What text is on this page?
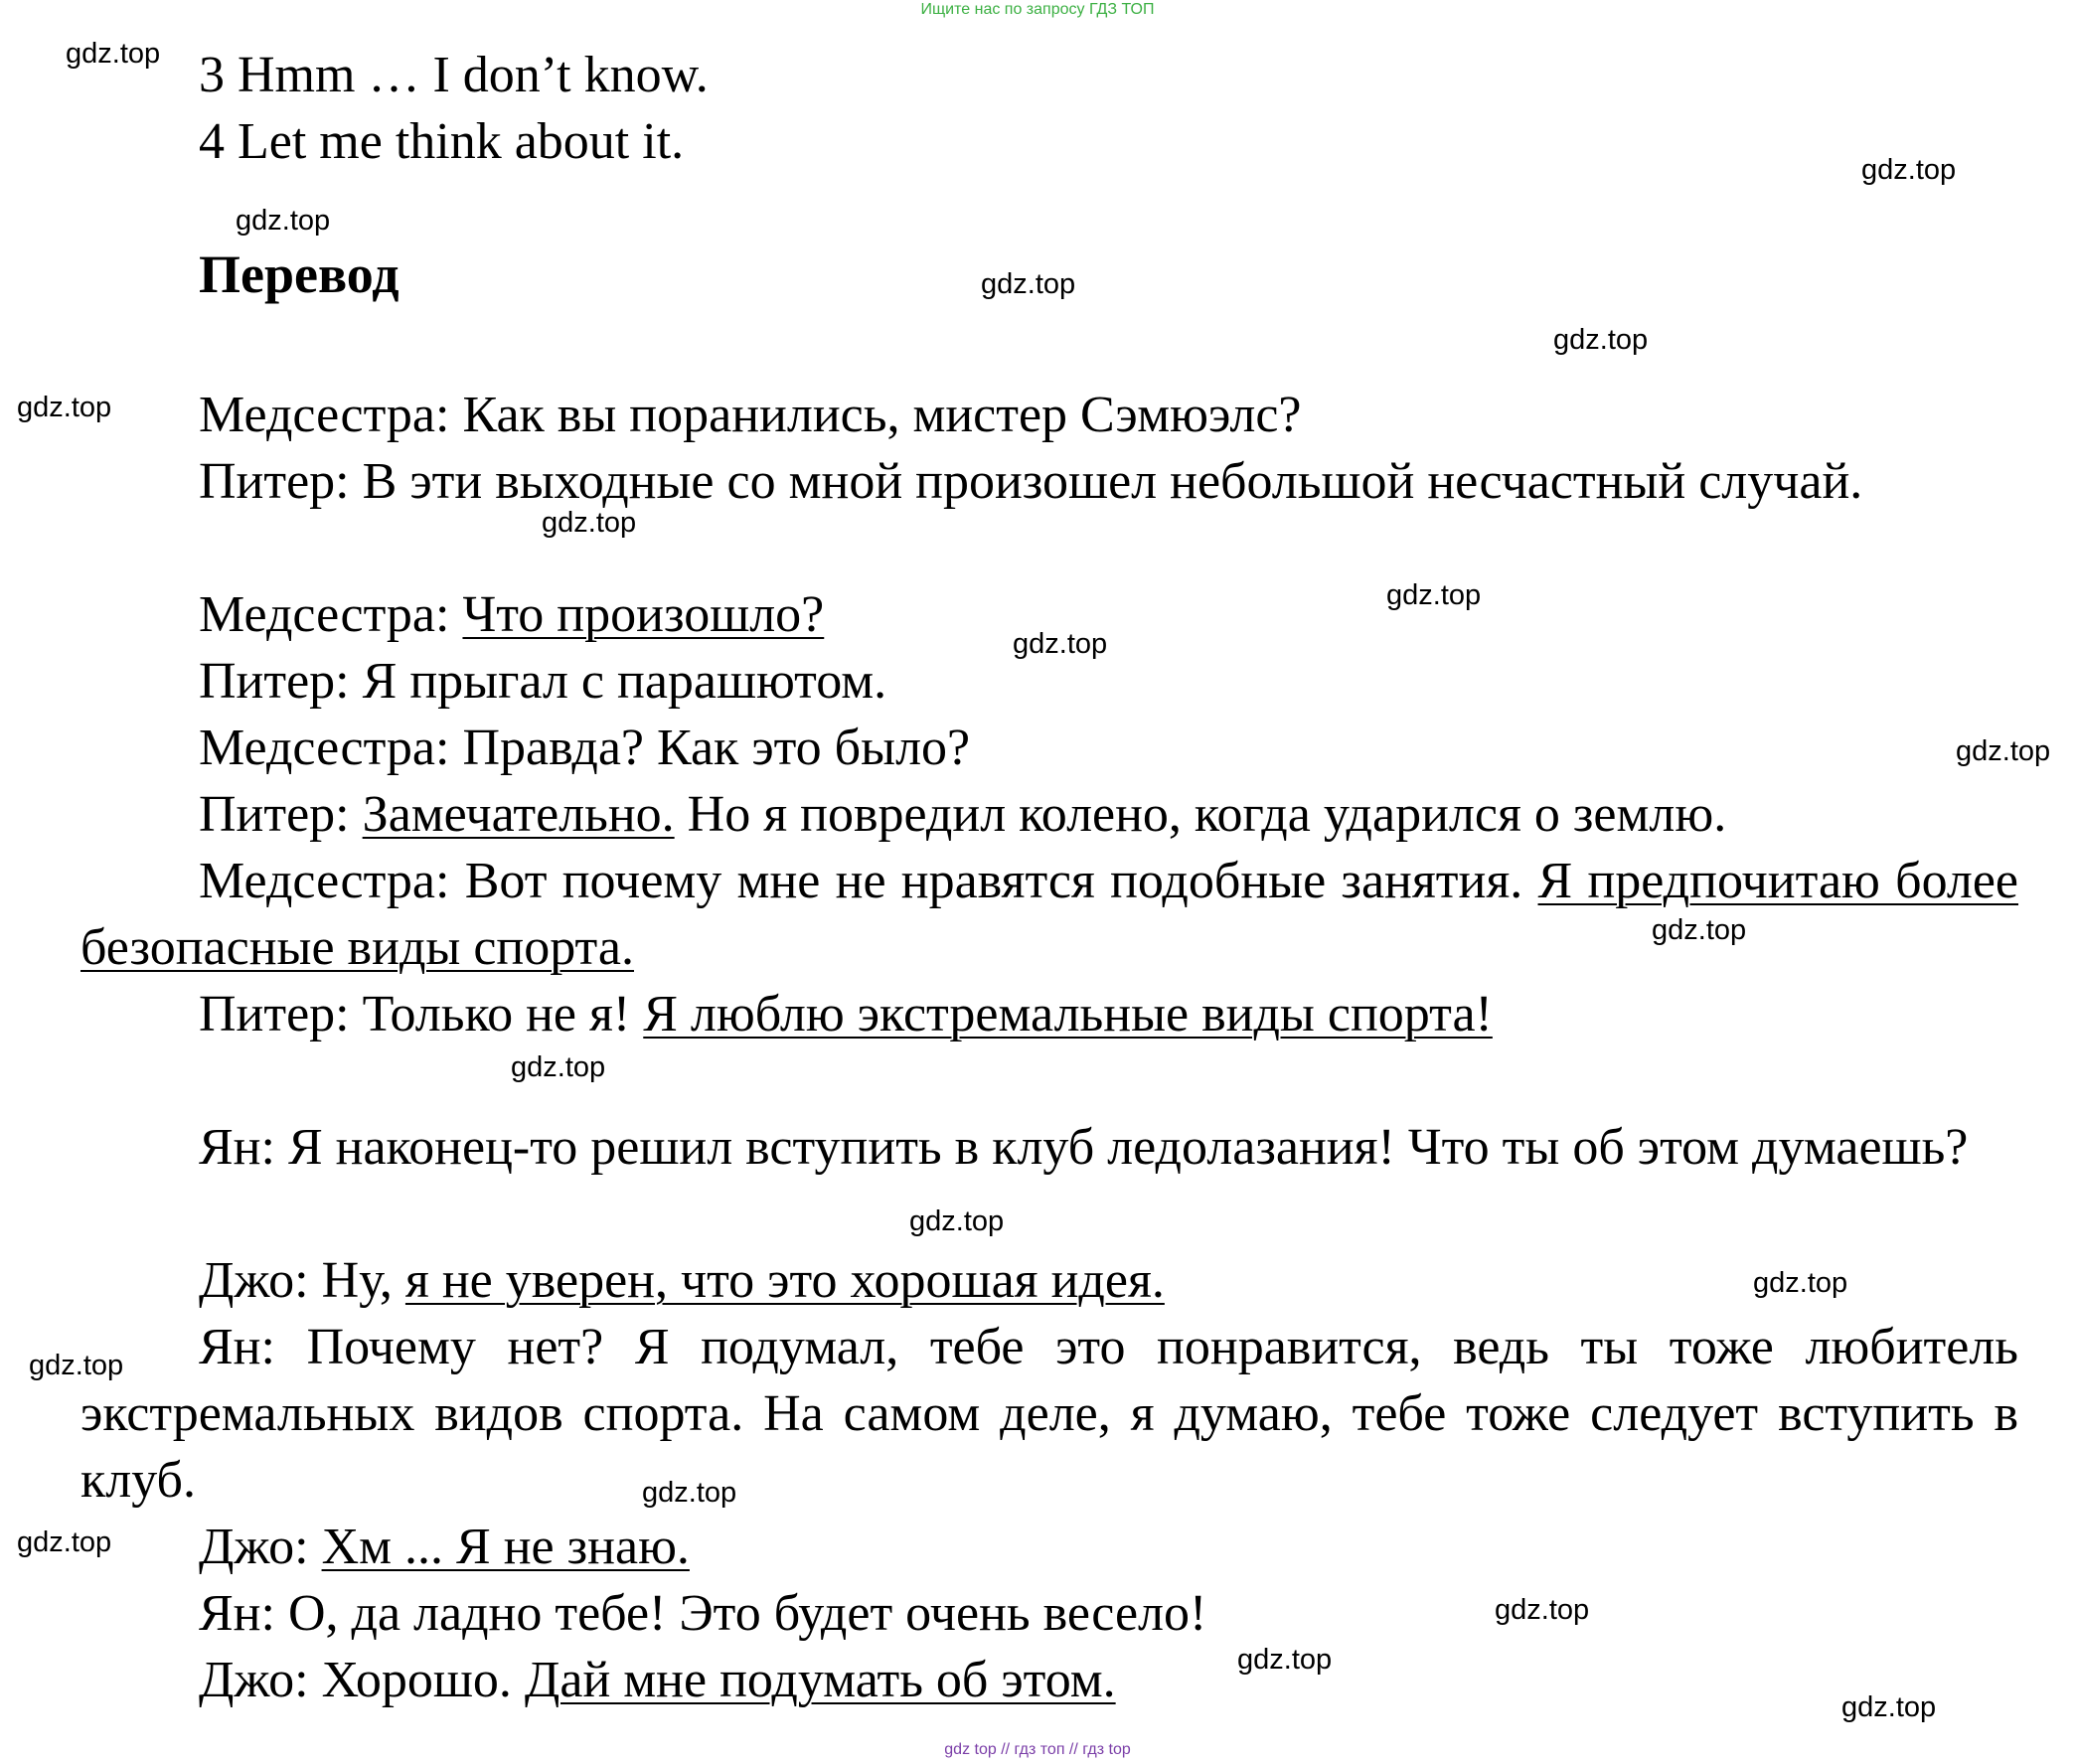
Ищите нас по запросу ГДЗ ТОП
3 Hmm … I don’t know.
4 Let me think about it.
Перевод
Медсестра: Как вы поранились, мистер Сэмюэлс?
Питер: В эти выходные со мной произошел небольшой несчастный случай.
Медсестра: Что произошло?
Питер: Я прыгал с парашютом.
Медсестра: Правда? Как это было?
Питер: Замечательно. Но я повредил колено, когда ударился о землю.
Медсестра: Вот почему мне не нравятся подобные занятия. Я предпочитаю более безопасные виды спорта.
Питер: Только не я! Я люблю экстремальные виды спорта!
Ян: Я наконец-то решил вступить в клуб ледолазания! Что ты об этом думаешь?
Джо: Ну, я не уверен, что это хорошая идея.
Ян: Почему нет? Я подумал, тебе это понравится, ведь ты тоже любитель экстремальных видов спорта. На самом деле, я думаю, тебе тоже следует вступить в клуб.
Джо: Хм ... Я не знаю.
Ян: О, да ладно тебе! Это будет очень весело!
Джо: Хорошо. Дай мне подумать об этом.
gdz.top
gdz.top
gdz.top
gdz.top
gdz.top
gdz.top
gdz.top
gdz.top
gdz.top
gdz.top
gdz.top
gdz.top
gdz.top
gdz.top
gdz.top
gdz.top
gdz.top
gdz.top
gdz.top
gdz.top
gdz top // гдз топ // гдз top
